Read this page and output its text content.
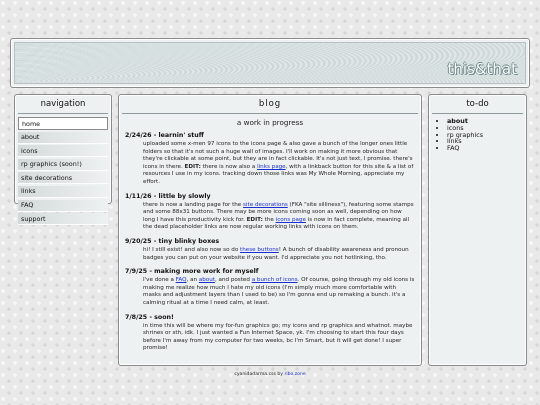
this&that
navigation
home
about
icons
rp graphics (soon!)
site decorations
links
FAQ
support
blog
a work in progress
2/24/26 - learnin' stuff

uploaded some x-men 97 icons to the icons page & also gave a bunch of the longer ones little folders so that it's not such a huge wall of images. I'll work on making it more obvious that they're clickable at some point, but they are in fact clickable. It's not just text, I promise. there's icons in there. EDIT: there is now also a links page, with a linkback button for this site & a list of resources I use in my icons. tracking down those links was My Whole Morning, appreciate my effort.

1/11/26 - little by slowly

there is now a landing page for the site decorations (FKA "site silliness"), featuring some stamps and some 88x31 buttons. There may be more icons coming soon as well, depending on how long I have this productivity kick for. EDIT: the icons page is now in fact complete, meaning all the dead placeholder links are now regular working links with icons on them.

9/20/25 - tiny blinky boxes

hi! I still exist! and also now so do these buttons! A bunch of disability awareness and pronoun badges you can put on your website if you want. I'd appreciate you not hotlinking, tho.

7/9/25 - making more work for myself

I've done a FAQ, an about, and posted a bunch of icons. Of course, going through my old icons is making me realize how much I hate my old icons (I'm simply much more comfortable with masks and adjustment layers than I used to be) so I'm gonna end up remaking a bunch. it's a calming ritual at a time I need calm, at least.

7/8/25 - soon!

in time this will be where my for-fun graphics go; my icons and rp graphics and whatnot. maybe shrines or sth, idk. I just wanted a Fun Internet Space, yk. I'm choosing to start this four days before I'm away from my computer for two weeks, bc I'm Smart, but it will get done! I super promise!

to-do
• about
• icons
• rp graphics
• links
• FAQ
cyanidadarma.css by ribo.zone
